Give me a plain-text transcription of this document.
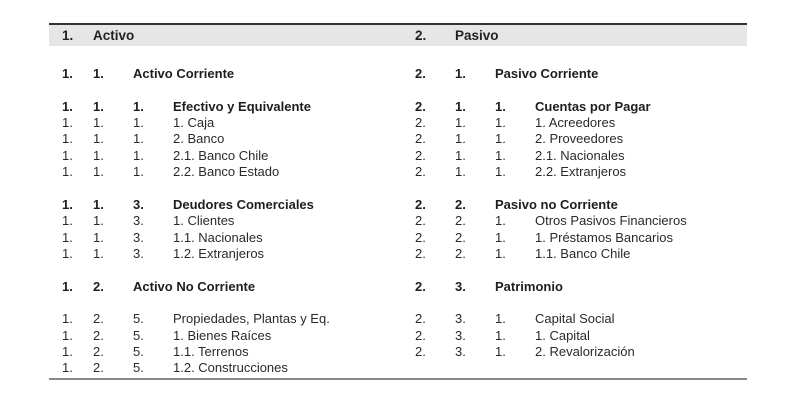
1. Activo	2. Pasivo
1. 1. Activo Corriente
1. 1. 1. Efectivo y Equivalente
1. 1. 1. 1. Caja
1. 1. 1. 2. Banco
1. 1. 1. 2.1. Banco Chile
1. 1. 1. 2.2. Banco Estado
1. 1. 3. Deudores Comerciales
1. 1. 3. 1. Clientes
1. 1. 3. 1.1. Nacionales
1. 1. 3. 1.2. Extranjeros
1. 2. Activo No Corriente
1. 2. 5. Propiedades, Plantas y Eq.
1. 2. 5. 1. Bienes Raíces
1. 2. 5. 1.1. Terrenos
1. 2. 5. 1.2. Construcciones
2. 1. Pasivo Corriente
2. 1. 1. Cuentas por Pagar
2. 1. 1. 1. Acreedores
2. 1. 1. 2. Proveedores
2. 1. 1. 2.1. Nacionales
2. 1. 1. 2.2. Extranjeros
2. 2. Pasivo no Corriente
2. 2. 1. Otros Pasivos Financieros
2. 2. 1. 1. Préstamos Bancarios
2. 2. 1. 1.1. Banco Chile
2. 3. Patrimonio
2. 3. 1. Capital Social
2. 3. 1. 1. Capital
2. 3. 1. 2. Revalorización
